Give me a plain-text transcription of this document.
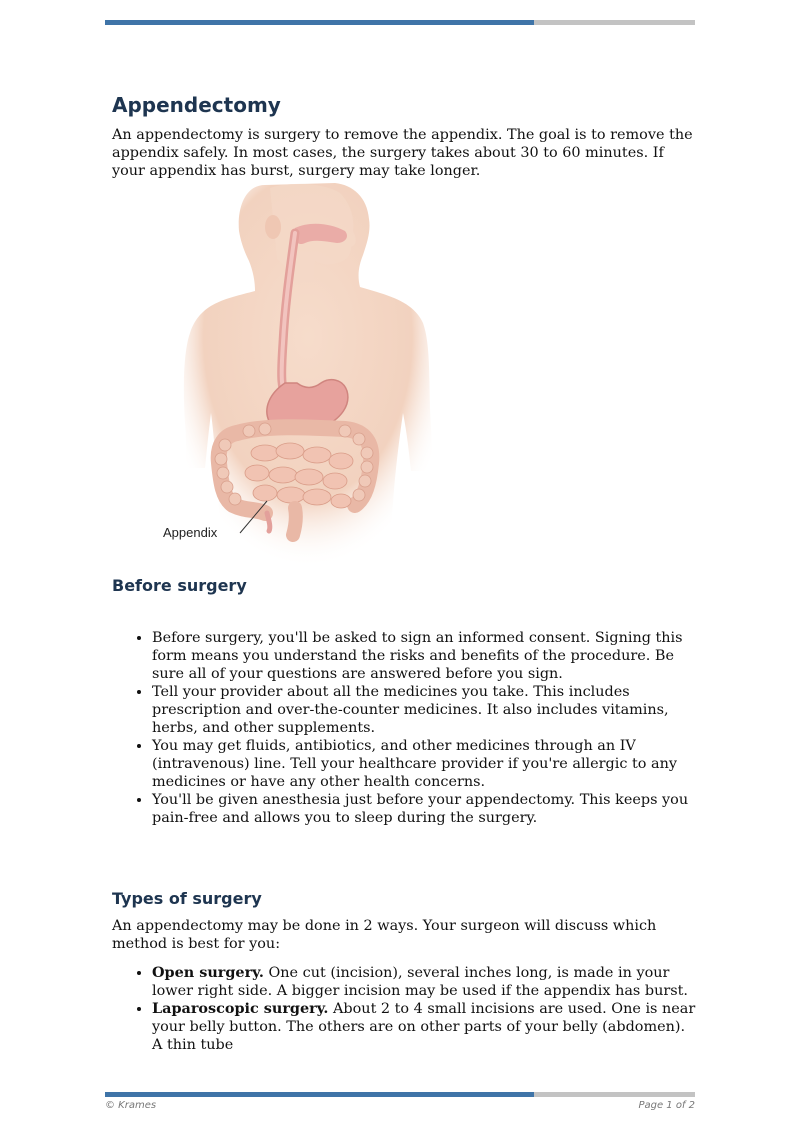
Appendectomy

An appendectomy is surgery to remove the appendix. The goal is to remove the appendix safely. In most cases, the surgery takes about 30 to 60 minutes. If your appendix has burst, surgery may take longer.

Appendix
Before surgery
• Before surgery, you'll be asked to sign an informed consent. Signing this form means you understand the risks and benefits of the procedure. Be sure all of your questions are answered before you sign.
• Tell your provider about all the medicines you take. This includes prescription and over-the-counter medicines. It also includes vitamins, herbs, and other supplements.
• You may get fluids, antibiotics, and other medicines through an IV (intravenous) line. Tell your healthcare provider if you're allergic to any medicines or have any other health concerns.
• You'll be given anesthesia just before your appendectomy. This keeps you pain-free and allows you to sleep during the surgery.
Types of surgery

An appendectomy may be done in 2 ways. Your surgeon will discuss which method is best for you:

• Open surgery. One cut (incision), several inches long, is made in your lower right side. A bigger incision may be used if the appendix has burst.
• Laparoscopic surgery. About 2 to 4 small incisions are used. One is near your belly button. The others are on other parts of your belly (abdomen). A thin tube
© Krames	Page 1 of 2
